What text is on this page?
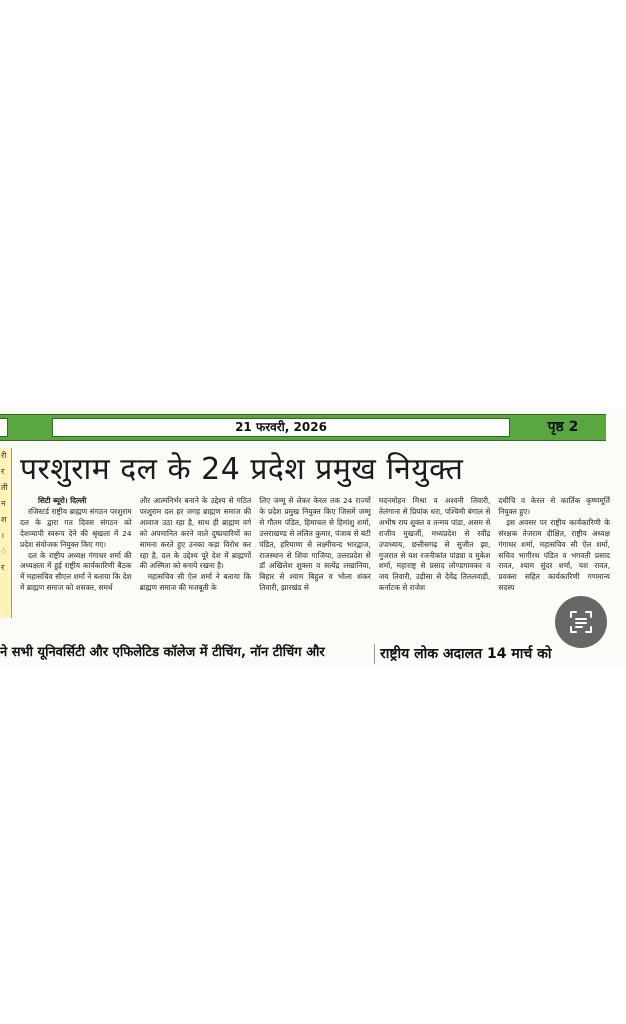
21 फरवरी, 2026	पृष्ठ 2
री
र
ती
न
श
।
ं
र
परशुराम दल के 24 प्रदेश प्रमुख नियुक्त
सिटी ब्यूरो। दिल्ली

रजिस्टर्ड राष्ट्रीय ब्राह्मण संगठन परशुराम दल के द्वारा गत दिवस संगठन को देशव्यापी स्वरूप देने की श्रृंखला में 24 प्रदेश संयोजक नियुक्त किए गए।

दल के राष्ट्रीय अध्यक्ष गंगाधर शर्मा की अध्यक्षता में हुई राष्ट्रीय कार्यकारिणी बैठक में महासचिव सीएल शर्मा ने बताया कि देश में ब्राह्मण समाज को शसक्त, समर्थ

और आत्मनिर्भर बनाने के उद्देश्य से गठित परशुराम दल हर जगह ब्राह्मण समाज की आवाज उठा रहा है, साथ ही ब्राह्मण वर्ग को अपमानित करने वाले दुष्प्रचारियों का सामना करते हुए उनका कड़ा विरोध कर रहा है, दल के उद्देश्य पूरे देश में ब्राह्मणों की अस्मिता को बनाये रखना है।

महासचिव सी ऐल शर्मा ने बताया कि ब्राह्मण समाज की मजबूती के

लिए जम्मू से लेकर केरल तक 24 राज्यों के प्रदेश प्रमुख नियुक्त किए जिसमें जम्मू से गौतम पंडित, हिमाचल से हिमांशु शर्मा, उत्तराखण्ड से ललित कुमार, पंजाब से बंटी पंडित, हरियाणा से लक्ष्मीचन्द भारद्वाज, राजस्थान से शिवा गाजिया, उत्तरप्रदेश से डॉ अखिलेश शुक्ला व सत्येंद्र लखानिया, बिहार से श्याम बिहुल व भोला शंकर तिवारी, झारखंड से

मदनमोहन मिश्रा व अश्वनी तिवारी, तेलंगाना से प्रियांक धरा, पश्चिमी बंगाल से अभीष राय शुक्ल व तन्मय पांडा, असम से राजीव मुखर्जी, मध्यप्रदेश से रवींद्र उपाध्याय, छत्तीसगढ़ से सुजीत झा, गुजरात से यश रजनीकांत पांड्या व मुकेश शर्मा, महाराष्ट्र से प्रसाद लोण्डगावकर व जय तिवारी, उड़ीसा से देवेंद्र तितलवाड़ी, कर्नाटक से राजेश

दधीचि व केरल से कार्तिक कृष्णमूर्ति नियुक्त हुए।

इस अवसर पर राष्ट्रीय कार्यकारिणी के संरक्षक तेजराम दीक्षित, राष्ट्रीय अध्यक्ष गंगाधर शर्मा, महासचिव सी ऐल शर्मा, सचिव भागीरथ पंडित व भगवती प्रसाद रावत, श्याम सुंदर शर्मा, यश रावत, प्रवक्ता सहित कार्यकारिणी गणमान्य सदस्य

ने सभी यूनिवर्सिटी और एफिलेटिड कॉलेज में टीचिंग, नॉन टीचिंग और	राष्ट्रीय लोक अदालत 14 मार्च को
